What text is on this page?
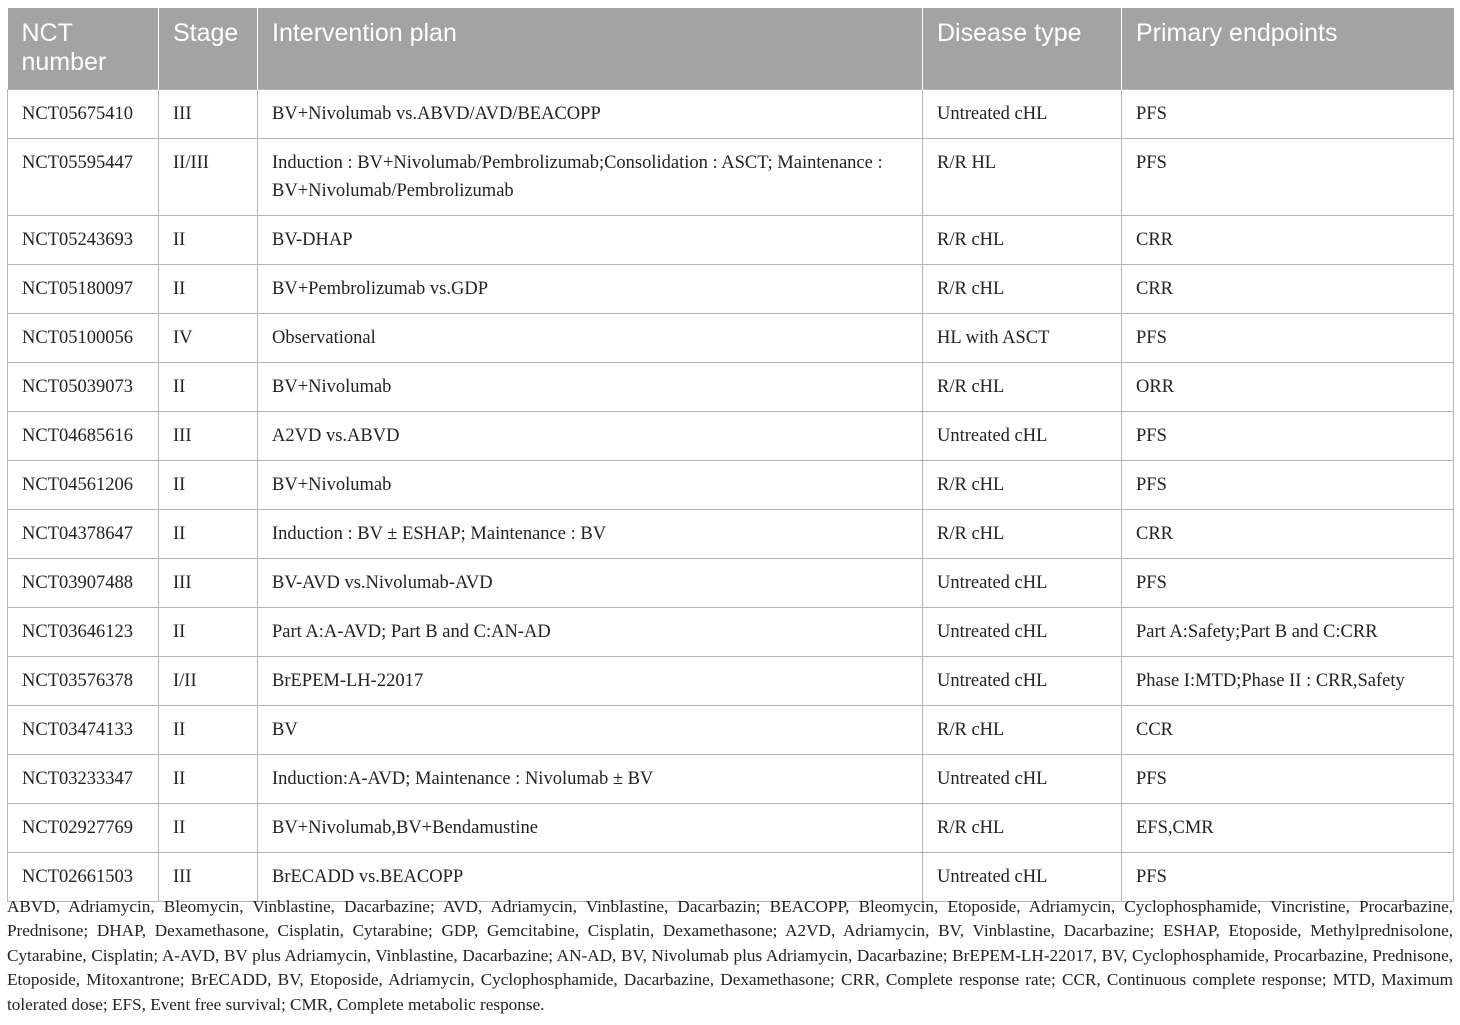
NCT number	Stage	Intervention plan	Disease type	Primary endpoints
NCT05675410	III	BV+Nivolumab vs.ABVD/AVD/BEACOPP	Untreated cHL	PFS
NCT05595447	II/III	Induction : BV+Nivolumab/Pembrolizumab;Consolidation : ASCT; Maintenance : BV+Nivolumab/Pembrolizumab	R/R HL	PFS
NCT05243693	II	BV-DHAP	R/R cHL	CRR
NCT05180097	II	BV+Pembrolizumab vs.GDP	R/R cHL	CRR
NCT05100056	IV	Observational	HL with ASCT	PFS
NCT05039073	II	BV+Nivolumab	R/R cHL	ORR
NCT04685616	III	A2VD vs.ABVD	Untreated cHL	PFS
NCT04561206	II	BV+Nivolumab	R/R cHL	PFS
NCT04378647	II	Induction : BV ± ESHAP; Maintenance : BV	R/R cHL	CRR
NCT03907488	III	BV-AVD vs.Nivolumab-AVD	Untreated cHL	PFS
NCT03646123	II	Part A:A-AVD; Part B and C:AN-AD	Untreated cHL	Part A:Safety;Part B and C:CRR
NCT03576378	I/II	BrEPEM-LH-22017	Untreated cHL	Phase I:MTD;Phase II : CRR,Safety
NCT03474133	II	BV	R/R cHL	CCR
NCT03233347	II	Induction:A-AVD; Maintenance : Nivolumab ± BV	Untreated cHL	PFS
NCT02927769	II	BV+Nivolumab,BV+Bendamustine	R/R cHL	EFS,CMR
NCT02661503	III	BrECADD vs.BEACOPP	Untreated cHL	PFS

ABVD, Adriamycin, Bleomycin, Vinblastine, Dacarbazine; AVD, Adriamycin, Vinblastine, Dacarbazin; BEACOPP, Bleomycin, Etoposide, Adriamycin, Cyclophosphamide, Vincristine, Procarbazine, Prednisone; DHAP, Dexamethasone, Cisplatin, Cytarabine; GDP, Gemcitabine, Cisplatin, Dexamethasone; A2VD, Adriamycin, BV, Vinblastine, Dacarbazine; ESHAP, Etoposide, Methylprednisolone, Cytarabine, Cisplatin; A-AVD, BV plus Adriamycin, Vinblastine, Dacarbazine; AN-AD, BV, Nivolumab plus Adriamycin, Dacarbazine; BrEPEM-LH-22017, BV, Cyclophosphamide, Procarbazine, Prednisone, Etoposide, Mitoxantrone; BrECADD, BV, Etoposide, Adriamycin, Cyclophosphamide, Dacarbazine, Dexamethasone; CRR, Complete response rate; CCR, Continuous complete response; MTD, Maximum tolerated dose; EFS, Event free survival; CMR, Complete metabolic response.
